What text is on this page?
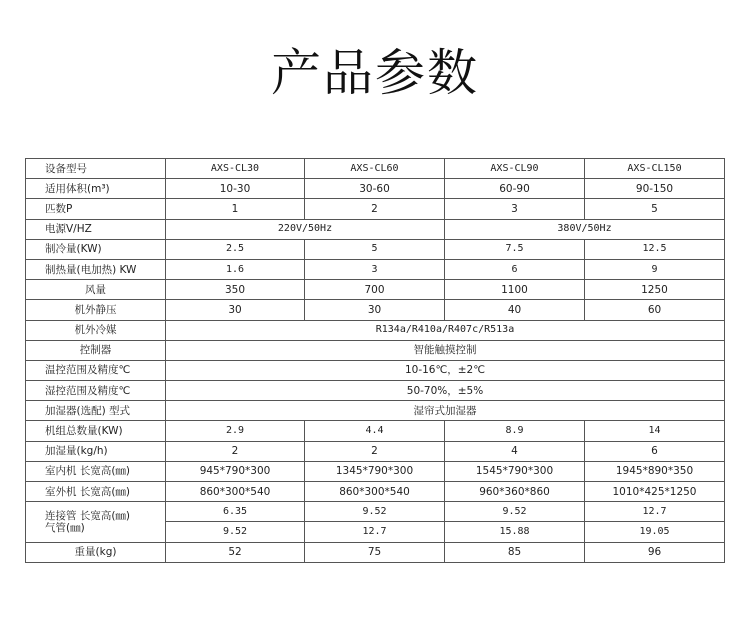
产品参数
设备型号	AXS-CL30	AXS-CL60	AXS-CL90	AXS-CL150
适用体积(m³)	10-30	30-60	60-90	90-150
匹数P	1	2	3	5
电源V/HZ	220V/50Hz		380V/50Hz	
制冷量(KW)	2.5	5	7.5	12.5
制热量(电加热) KW	1.6	3	6	9
风量	350	700	1100	1250
机外静压	30	30	40	60
机外冷媒	R134a/R410a/R407c/R513a			
控制器	智能触摸控制			
温控范围及精度℃	10-16℃，±2℃			
湿控范围及精度℃	50-70%，±5%			
加湿器(选配) 型式	湿帘式加湿器			
机组总数量(KW)	2.9	4.4	8.9	14
加湿量(kg/h)	2	2	4	6
室内机 长宽高(㎜)	945*790*300	1345*790*300	1545*790*300	1945*890*350
室外机 长宽高(㎜)	860*300*540	860*300*540	960*360*860	1010*425*1250

连接管 长宽高(㎜)
气管(㎜)	6.35	9.52	9.52	12.7
	9.52	12.7	15.88	19.05
重量(kg)	52	75	85	96
